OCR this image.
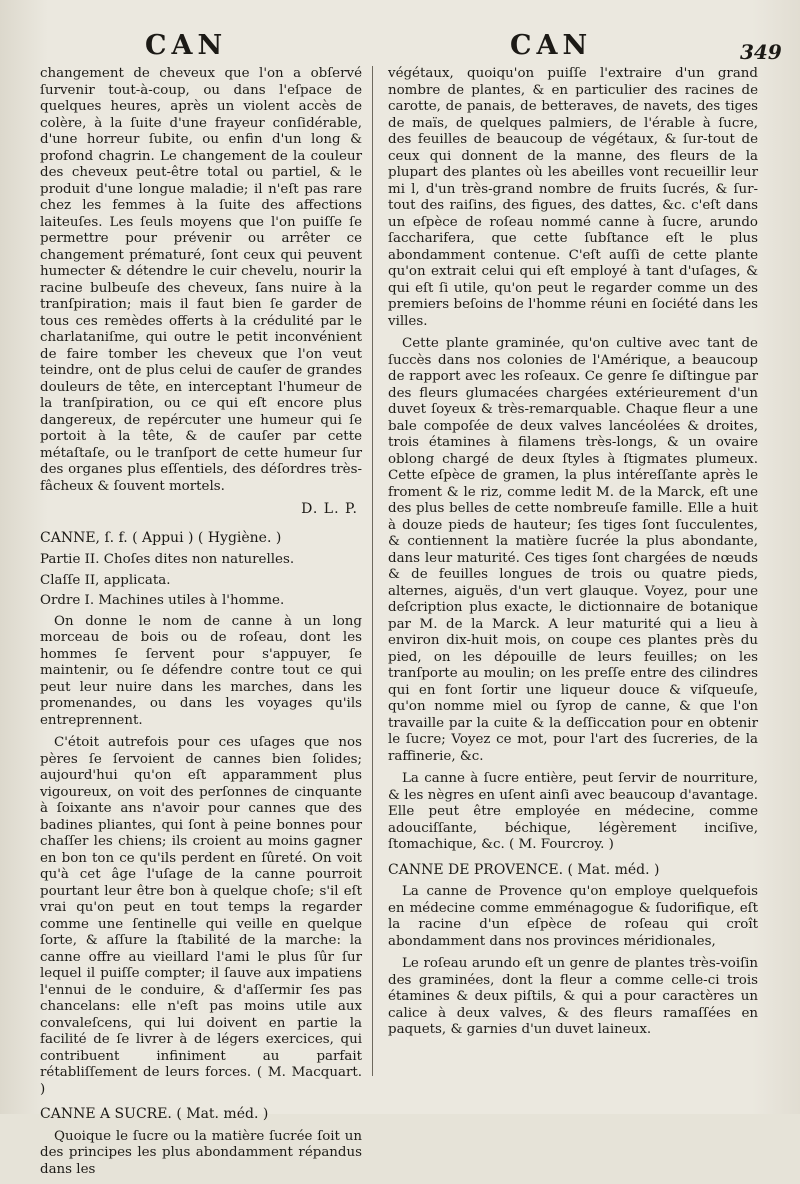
CAN	CAN	349

changement de cheveux que l'on a obſervé ſurvenir tout-à-coup, ou dans l'eſpace de quelques heures, après un violent accès de colère, à la ſuite d'une frayeur conſidérable, d'une horreur ſubite, ou enfin d'un long & profond chagrin. Le changement de la couleur des cheveux peut-être total ou partiel, & le produit d'une longue maladie; il n'eſt pas rare chez les femmes à la ſuite des affections laiteuſes. Les ſeuls moyens que l'on puiſſe ſe permettre pour prévenir ou arrêter ce changement prématuré, ſont ceux qui peuvent humecter & détendre le cuir chevelu, nourir la racine bulbeuſe des cheveux, ſans nuire à la tranſpiration; mais il faut bien ſe garder de tous ces remèdes offerts à la crédulité par le charlataniſme, qui outre le petit inconvénient de faire tomber les cheveux que l'on veut teindre, ont de plus celui de cauſer de grandes douleurs de tête, en interceptant l'humeur de la tranſpiration, ou ce qui eſt encore plus dangereux, de repércuter une humeur qui ſe portoit à la tête, & de cauſer par cette métaſtaſe, ou le tranſport de cette humeur ſur des organes plus eſſentiels, des déſordres très-fâcheux & ſouvent mortels.

D. L. P.

CANNE, ſ. f. ( Appui ) ( Hygiène. )

Partie II. Choſes dites non naturelles.

Claſſe II, applicata.

Ordre I. Machines utiles à l'homme.

On donne le nom de canne à un long morceau de bois ou de roſeau, dont les hommes ſe ſervent pour s'appuyer, ſe maintenir, ou ſe défendre contre tout ce qui peut leur nuire dans les marches, dans les promenandes, ou dans les voyages qu'ils entreprennent.

C'étoit autrefois pour ces uſages que nos pères ſe ſervoient de cannes bien ſolides; aujourd'hui qu'on eſt apparamment plus vigoureux, on voit des perſonnes de cinquante à ſoixante ans n'avoir pour cannes que des badines pliantes, qui ſont à peine bonnes pour chaſſer les chiens; ils croient au moins gagner en bon ton ce qu'ils perdent en ſûreté. On voit qu'à cet âge l'uſage de la canne pourroit pourtant leur être bon à quelque choſe; s'il eſt vrai qu'on peut en tout temps la regarder comme une ſentinelle qui veille en quelque ſorte, & aſſure la ſtabilité de la marche: la canne offre au vieillard l'ami le plus ſûr ſur lequel il puiſſe compter; il ſauve aux impatiens l'ennui de le conduire, & d'aſſermir ſes pas chancelans: elle n'eſt pas moins utile aux convaleſcens, qui lui doivent en partie la facilité de ſe livrer à de légers exercices, qui contribuent infiniment au parfait rétabliſſement de leurs forces. ( M. Macquart. )

CANNE A SUCRE. ( Mat. méd. )

Quoique le ſucre ou la matière ſucrée ſoit un des principes les plus abondamment répandus dans les

végétaux, quoiqu'on puiſſe l'extraire d'un grand nombre de plantes, & en particulier des racines de carotte, de panais, de betteraves, de navets, des tiges de maïs, de quelques palmiers, de l'érable à ſucre, des feuilles de beaucoup de végétaux, & ſur-tout de ceux qui donnent de la manne, des fleurs de la plupart des plantes où les abeilles vont recueillir leur mi l, d'un très-grand nombre de fruits ſucrés, & ſur-tout des raiſins, des figues, des dattes, &c. c'eſt dans un eſpèce de roſeau nommé canne à ſucre, arundo ſaccharifera, que cette ſubſtance eſt le plus abondamment contenue. C'eſt auſſi de cette plante qu'on extrait celui qui eſt employé à tant d'uſages, & qui eſt ſi utile, qu'on peut le regarder comme un des premiers beſoins de l'homme réuni en ſociété dans les villes.

Cette plante graminée, qu'on cultive avec tant de ſuccès dans nos colonies de l'Amérique, a beaucoup de rapport avec les roſeaux. Ce genre ſe diſtingue par des fleurs glumacées chargées extérieurement d'un duvet ſoyeux & très-remarquable. Chaque fleur a une bale compoſée de deux valves lancéolées & droites, trois étamines à filamens très-longs, & un ovaire oblong chargé de deux ſtyles à ſtigmates plumeux. Cette eſpèce de gramen, la plus intéreſſante après le froment & le riz, comme ledit M. de la Marck, eſt une des plus belles de cette nombreuſe famille. Elle a huit à douze pieds de hauteur; ſes tiges ſont ſucculentes, & contiennent la matière ſucrée la plus abondante, dans leur maturité. Ces tiges ſont chargées de nœuds & de feuilles longues de trois ou quatre pieds, alternes, aiguës, d'un vert glauque. Voyez, pour une deſcription plus exacte, le dictionnaire de botanique par M. de la Marck. A leur maturité qui a lieu à environ dix-huit mois, on coupe ces plantes près du pied, on les dépouille de leurs feuilles; on les tranſporte au moulin; on les preſſe entre des cilindres qui en font ſortir une liqueur douce & viſqueuſe, qu'on nomme miel ou ſyrop de canne, & que l'on travaille par la cuite & la deſſiccation pour en obtenir le ſucre; Voyez ce mot, pour l'art des ſucreries, de la raffinerie, &c.

La canne à ſucre entière, peut ſervir de nourriture, & les nègres en uſent ainſi avec beaucoup d'avantage. Elle peut être employée en médecine, comme adouciſſante, béchique, légèrement inciſive, ſtomachique, &c. ( M. Fourcroy. )

CANNE DE PROVENCE. ( Mat. méd. )

La canne de Provence qu'on employe quelquefois en médecine comme emménagogue & ſudorifique, eſt la racine d'un eſpèce de roſeau qui croît abondamment dans nos provinces méridionales,

Le roſeau arundo eſt un genre de plantes très-voiſin des graminées, dont la fleur a comme celle-ci trois étamines & deux piſtils, & qui a pour caractères un calice à deux valves, & des fleurs ramaſſées en paquets, & garnies d'un duvet laineux.
